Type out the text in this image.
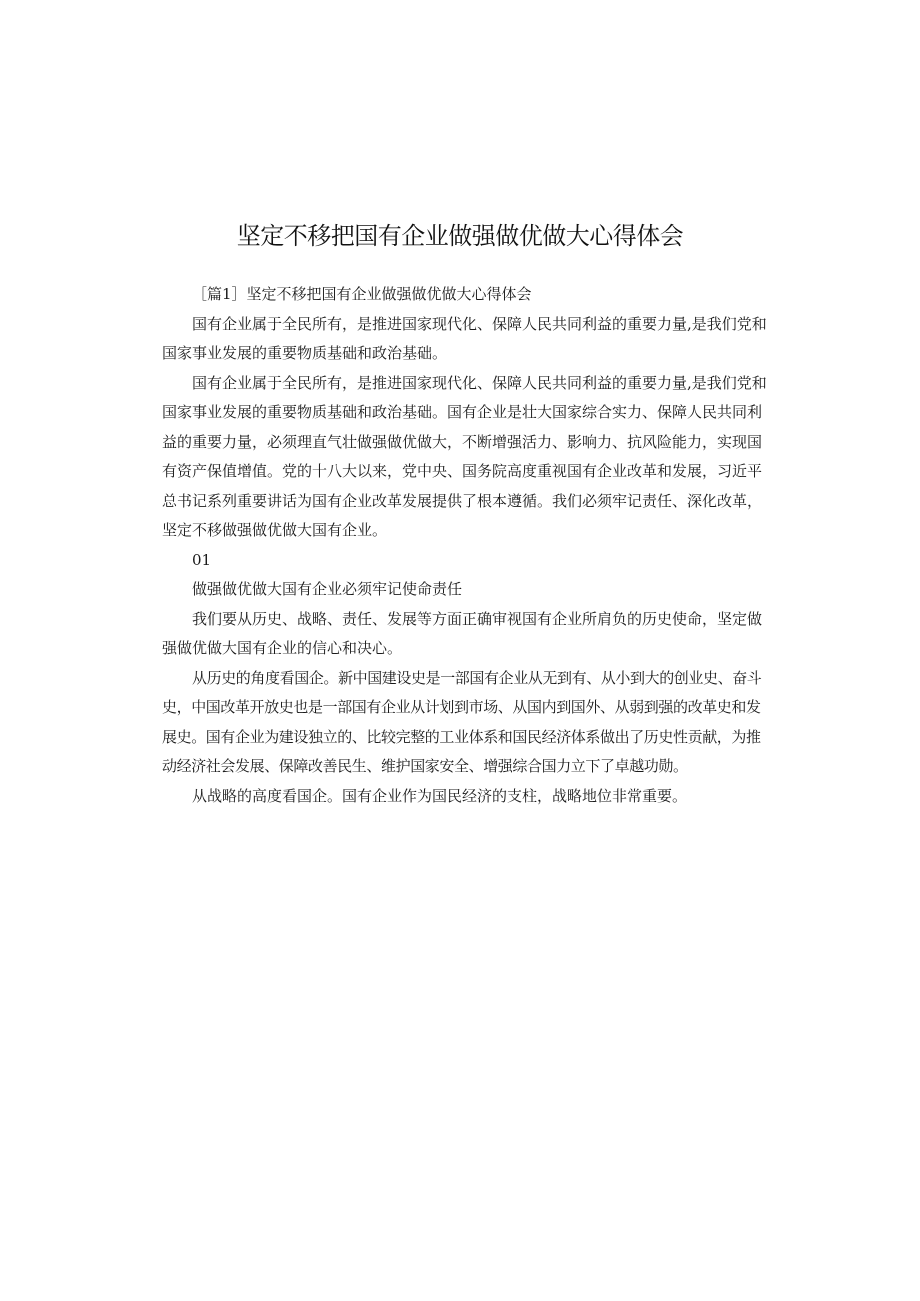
坚定不移把国有企业做强做优做大心得体会

［篇1］坚定不移把国有企业做强做优做大心得体会

国有企业属于全民所有，是推进国家现代化、保障人民共同利益的重要力量,是我们党和国家事业发展的重要物质基础和政治基础。

国有企业属于全民所有，是推进国家现代化、保障人民共同利益的重要力量,是我们党和国家事业发展的重要物质基础和政治基础。国有企业是壮大国家综合实力、保障人民共同利益的重要力量，必须理直气壮做强做优做大，不断增强活力、影响力、抗风险能力，实现国有资产保值增值。党的十八大以来，党中央、国务院高度重视国有企业改革和发展，习近平总书记系列重要讲话为国有企业改革发展提供了根本遵循。我们必须牢记责任、深化改革，坚定不移做强做优做大国有企业。

01

做强做优做大国有企业必须牢记使命责任

我们要从历史、战略、责任、发展等方面正确审视国有企业所肩负的历史使命，坚定做强做优做大国有企业的信心和决心。

从历史的角度看国企。新中国建设史是一部国有企业从无到有、从小到大的创业史、奋斗史，中国改革开放史也是一部国有企业从计划到市场、从国内到国外、从弱到强的改革史和发展史。国有企业为建设独立的、比较完整的工业体系和国民经济体系做出了历史性贡献，为推动经济社会发展、保障改善民生、维护国家安全、增强综合国力立下了卓越功勋。

从战略的高度看国企。国有企业作为国民经济的支柱，战略地位非常重要。
